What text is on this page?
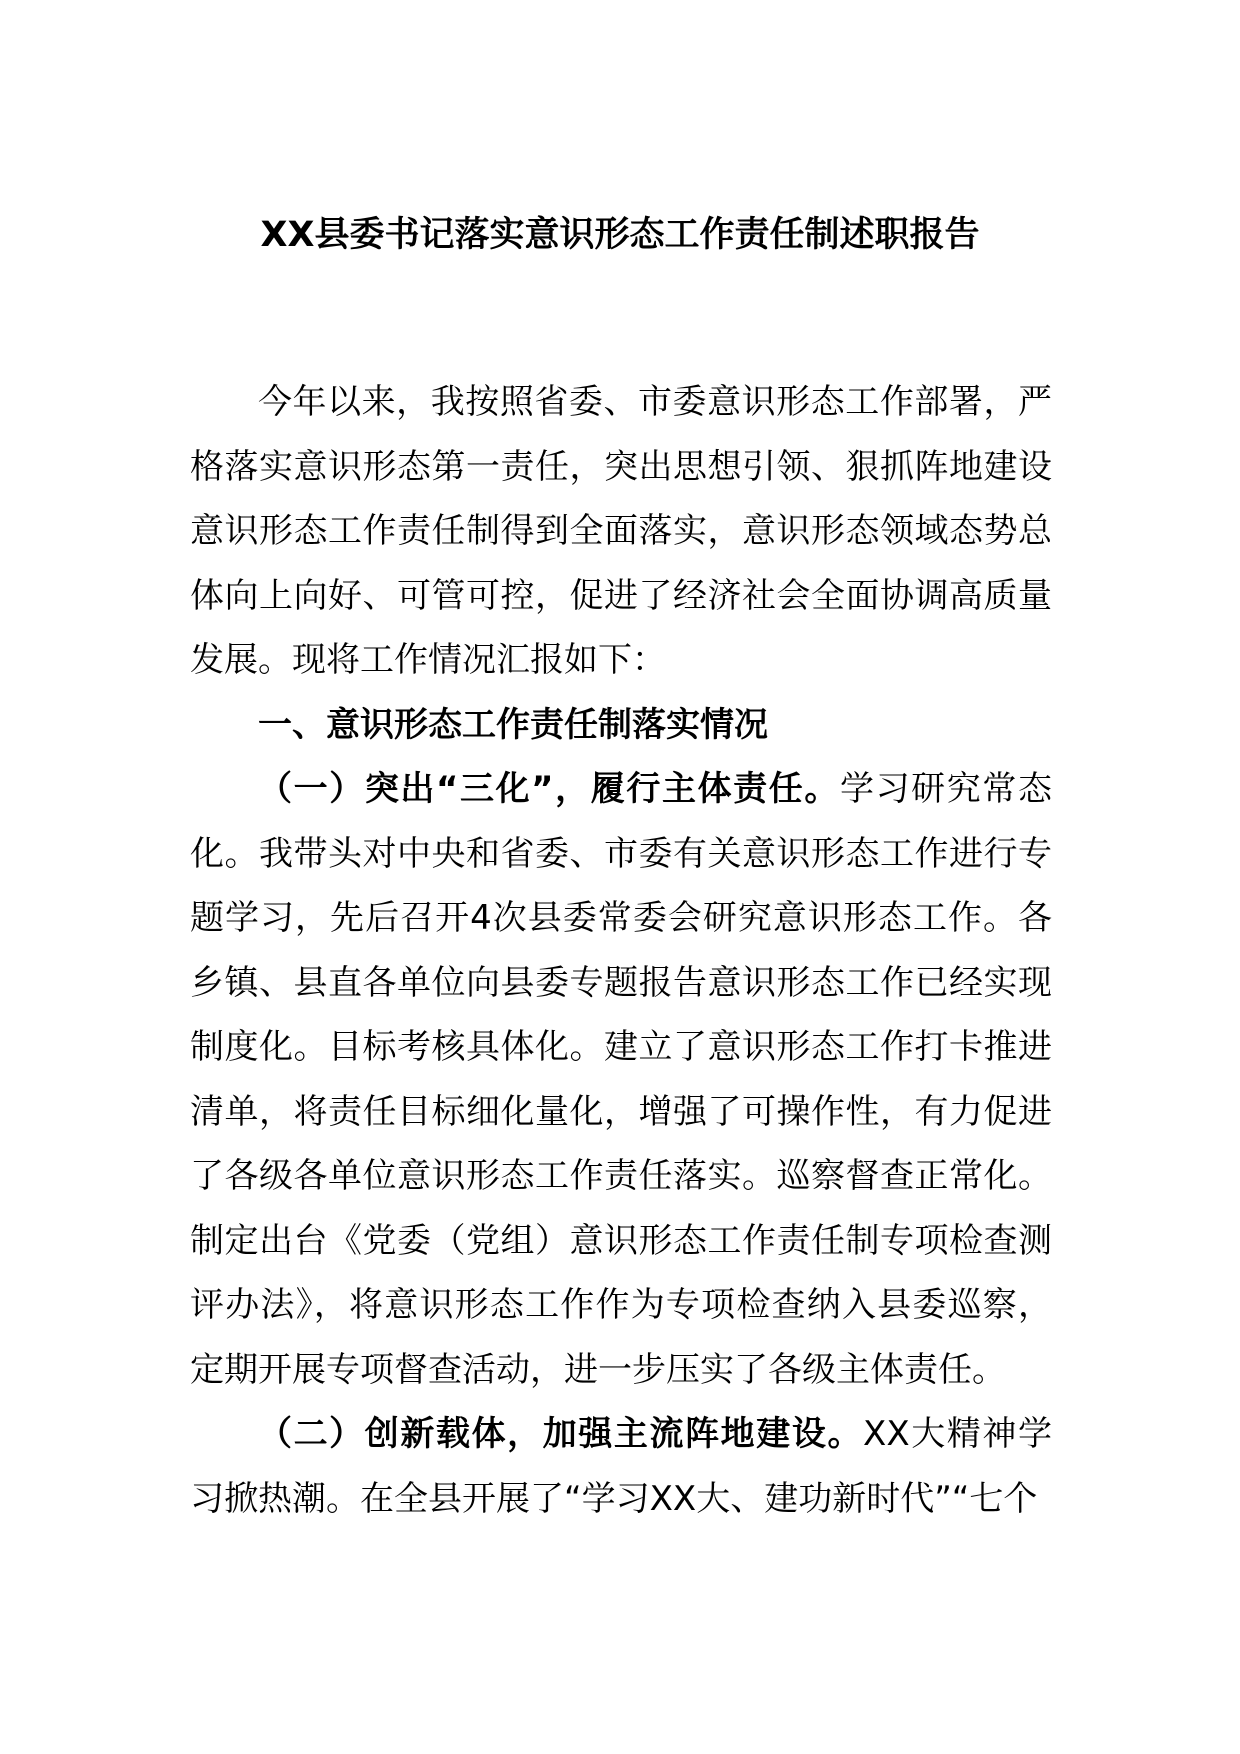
XX县委书记落实意识形态工作责任制述职报告

今年以来，我按照省委、市委意识形态工作部署，严格落实意识形态第一责任，突出思想引领、狠抓阵地建设意识形态工作责任制得到全面落实，意识形态领域态势总体向上向好、可管可控，促进了经济社会全面协调高质量发展。现将工作情况汇报如下：

一、意识形态工作责任制落实情况

（一）突出“三化”，履行主体责任。学习研究常态化。我带头对中央和省委、市委有关意识形态工作进行专题学习，先后召开4次县委常委会研究意识形态工作。各乡镇、县直各单位向县委专题报告意识形态工作已经实现制度化。目标考核具体化。建立了意识形态工作打卡推进清单，将责任目标细化量化，增强了可操作性，有力促进了各级各单位意识形态工作责任落实。巡察督查正常化。制定出台《党委（党组）意识形态工作责任制专项检查测评办法》，将意识形态工作作为专项检查纳入县委巡察，定期开展专项督查活动，进一步压实了各级主体责任。

（二）创新载体，加强主流阵地建设。XX大精神学习掀热潮。在全县开展了“学习XX大、建功新时代”“七个
